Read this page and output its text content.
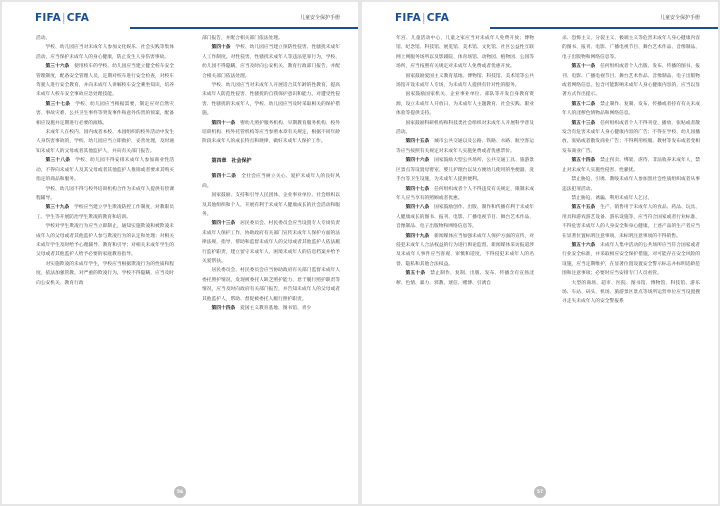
FIFA|CFA	儿童安全保护手册

活动。

学校、幼儿园应当对未成年人参加文化娱乐、社会实践等集体活动，应当保护未成年人的身心健康，防止发生人身伤害事故。

第三十六条　 使用校车的学校、幼儿园应当建立健全校车安全管理制度，配备安全管理人员，定期对校车进行安全检查，对校车驾驶人进行安全教育，并向未成年人讲解校车安全乘坐知识，培养未成年人校车安全事故应急处理技能。

第三十七条　 学校、幼儿园应当根据需要，制定应对自然灾害、事故灾难、公共卫生事件等突发事件和意外伤害的预案，配备相应设施并定期进行必要的演练。

未成年人在校内、园内或者本校、本园组织的校外活动中发生人身伤害事故的，学校、幼儿园应当立即救护，妥善处理，及时通知未成年人的父母或者其他监护人，并向有关部门报告。

第三十八条　 学校、幼儿园不得安排未成年人参加商业性活动，不得向未成年人及其父母或者其他监护人推销或者要求其购买指定的商品和服务。

学校、幼儿园不得与校外培训机构合作为未成年人提供有偿课程辅导。

第三十九条　 学校应当建立学生欺凌防控工作制度，对教职员工、学生等开展防治学生欺凌的教育和培训。

学校对学生欺凌行为应当立即制止，通知实施欺凌和被欺凌未成年人的父母或者其他监护人参与欺凌行为的认定和处理；对相关未成年学生及时给予心理辅导、教育和引导；对相关未成年学生的父母或者其他监护人给予必要的家庭教育指导。

对实施欺凌的未成年学生，学校应当根据欺凌行为的性质和程度，依法加强管教。对严重的欺凌行为，学校不得隐瞒，应当及时向公安机关、教育行政

部门报告，并配合相关部门依法处理。

第四十条　 学校、幼儿园应当建立预防性侵害、性骚扰未成年人工作制度。对性侵害、性骚扰未成年人等违法犯罪行为，学校、幼儿园不得隐瞒，应当及时向公安机关、教育行政部门报告，并配合相关部门依法处理。

学校、幼儿园应当对未成年人开展适合其年龄的性教育，提高未成年人防范性侵害、性骚扰的自我保护意识和能力。对遭受性侵害、性骚扰的未成年人，学校、幼儿园应当及时采取相关的保护措施。

第四十一条　 婴幼儿照护服务机构、早期教育服务机构、校外培训机构、校外托管机构等应当参照本章有关规定，根据不同年龄阶段未成年人的成长特点和规律，做好未成年人保护工作。

第四章　社会保护

第四十二条　 全社会应当树立关心、爱护未成年人的良好风尚。

国家鼓励、支持和引导人民团体、企业事业单位、社会组织以及其他组织和个人，开展有利于未成年人健康成长的社会活动和服务。

第四十三条　 居民委员会、村民委员会应当设置专人专岗负责未成年人保护工作，协助政府有关部门宣传未成年人保护方面的法律法规，指导、帮助和监督未成年人的父母或者其他监护人依法履行监护职责，建立留守未成年人、困境未成年人的信息档案并给予关爱帮扶。

居民委员会、村民委员会应当协助政府有关部门监督未成年人委托照护情况，发现被委托人缺乏照护能力、怠于履行照护职责等情况，应当及时向政府有关部门报告，并告知未成年人的父母或者其他监护人，帮助、督促被委托人履行照护职责。

第四十四条　 爱国主义教育基地、图书馆、青少

56
FIFA|CFA	儿童安全保护手册

年宫、儿童活动中心、儿童之家应当对未成年人免费开放；博物馆、纪念馆、科技馆、展览馆、美术馆、文化馆、社区公益性互联网上网服务场所以及影剧院、体育场馆、动物园、植物园、公园等场所，应当按照有关规定对未成年人免费或者优惠开放。

国家鼓励爱国主义教育基地、博物馆、科技馆、美术馆等公共场馆开设未成年人专场，为未成年人提供有针对性的服务。

国家鼓励国家机关、企业事业单位、部队等开发自身教育资源，设立未成年人开放日，为未成年人主题教育、社会实践、职业体验等提供支持。

国家鼓励科研机构和科技类社会组织对未成年人开展科学普及活动。

第四十五条　 城市公共交通以及公路、铁路、水路、航空客运等应当按照有关规定对未成年人实施免费或者优惠票价。

第四十六条　 国家鼓励大型公共场所、公共交通工具、旅游景区景点等设置母婴室、婴儿护理台以及方便幼儿使用的坐便器、洗手台等卫生设施，为未成年人提供便利。

第四十七条　 任何组织或者个人不得违反有关规定，限制未成年人应当享有的照顾或者优惠。

第四十八条　 国家鼓励创作、出版、制作和传播有利于未成年人健康成长的图书、报刊、电影、广播电视节目、舞台艺术作品、音像制品、电子出版物和网络信息等。

第四十九条　 新闻媒体应当加强未成年人保护方面的宣传，对侵犯未成年人合法权益的行为进行舆论监督。新闻媒体采访报道涉及未成年人事件应当客观、审慎和适度，不得侵犯未成年人的名誉、隐私和其他合法权益。

第五十条　 禁止制作、复制、出版、发布、传播含有宣扬淫秽、色情、暴力、邪教、迷信、赌博、引诱自

杀、恐怖主义、分裂主义、极端主义等危害未成年人身心健康内容的图书、报刊、电影、广播电视节目、舞台艺术作品、音像制品、电子出版物和网络信息等。

第五十一条　 任何组织或者个人出版、发布、传播的图书、报刊、电影、广播电视节目、舞台艺术作品、音像制品、电子出版物或者网络信息，包含可能影响未成年人身心健康内容的，应当以显著方式作出提示。

第五十二条　 禁止制作、复制、发布、传播或者持有有关未成年人的淫秽色情物品和网络信息。

第五十三条　 任何组织或者个人不得刊登、播放、张贴或者散发含有危害未成年人身心健康内容的广告；不得在学校、幼儿园播放、张贴或者散发商业广告；不得利用校服、教材等发布或者变相发布商业广告。

第五十四条　 禁止拐卖、绑架、虐待、非法收养未成年人，禁止对未成年人实施性侵害、性骚扰。

禁止胁迫、引诱、教唆未成年人参加黑社会性质组织或者从事违法犯罪活动。

禁止胁迫、诱骗、利用未成年人乞讨。

第五十五条　 生产、销售用于未成年人的食品、药品、玩具、用具和游戏游艺设备、游乐设施等，应当符合国家或者行业标准，不得危害未成年人的人身安全和身心健康。上述产品的生产者应当在显著位置标明注意事项，未标明注意事项的不得销售。

第五十六条　 未成年人集中活动的公共场所应当符合国家或者行业安全标准，并采取相应安全保护措施。对可能存在安全风险的设施，应当定期维护，在显著位置设置安全警示标志并标明适龄范围和注意事项；必要时应当安排专门人员看管。

大型的商场、超市、医院、图书馆、博物馆、科技馆、游乐场、车站、码头、机场、旅游景区景点等场所运营单位应当设置搜寻走失未成年人的安全警报系

57
